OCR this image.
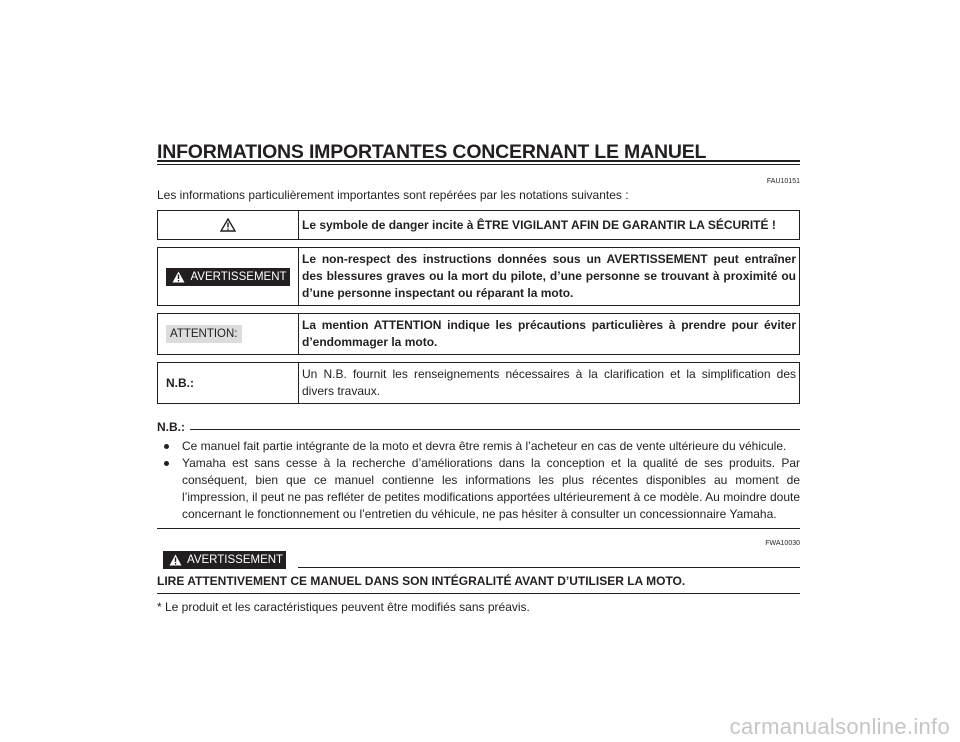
INFORMATIONS IMPORTANTES CONCERNANT LE MANUEL
FAU10151
Les informations particulièrement importantes sont repérées par les notations suivantes :
Le symbole de danger incite à ÊTRE VIGILANT AFIN DE GARANTIR LA SÉCURITÉ !
AVERTISSEMENT
Le non-respect des instructions données sous un AVERTISSEMENT peut entraîner des blessures graves ou la mort du pilote, d’une personne se trouvant à proximité ou d’une personne inspectant ou réparant la moto.
ATTENTION:
La mention ATTENTION indique les précautions particulières à prendre pour éviter d’endommager la moto.
N.B.:
Un N.B. fournit les renseignements nécessaires à la clarification et la simplification des divers travaux.
N.B.:
Ce manuel fait partie intégrante de la moto et devra être remis à l’acheteur en cas de vente ultérieure du véhicule.
Yamaha est sans cesse à la recherche d’améliorations dans la conception et la qualité de ses produits. Par conséquent, bien que ce manuel contienne les informations les plus récentes disponibles au moment de l’impression, il peut ne pas refléter de petites modifications apportées ultérieurement à ce modèle. Au moindre doute concernant le fonctionnement ou l’entretien du véhicule, ne pas hésiter à consulter un concessionnaire Yamaha.
FWA10030
AVERTISSEMENT
LIRE ATTENTIVEMENT CE MANUEL DANS SON INTÉGRALITÉ AVANT D’UTILISER LA MOTO.
* Le produit et les caractéristiques peuvent être modifiés sans préavis.
carmanualsonline.info
